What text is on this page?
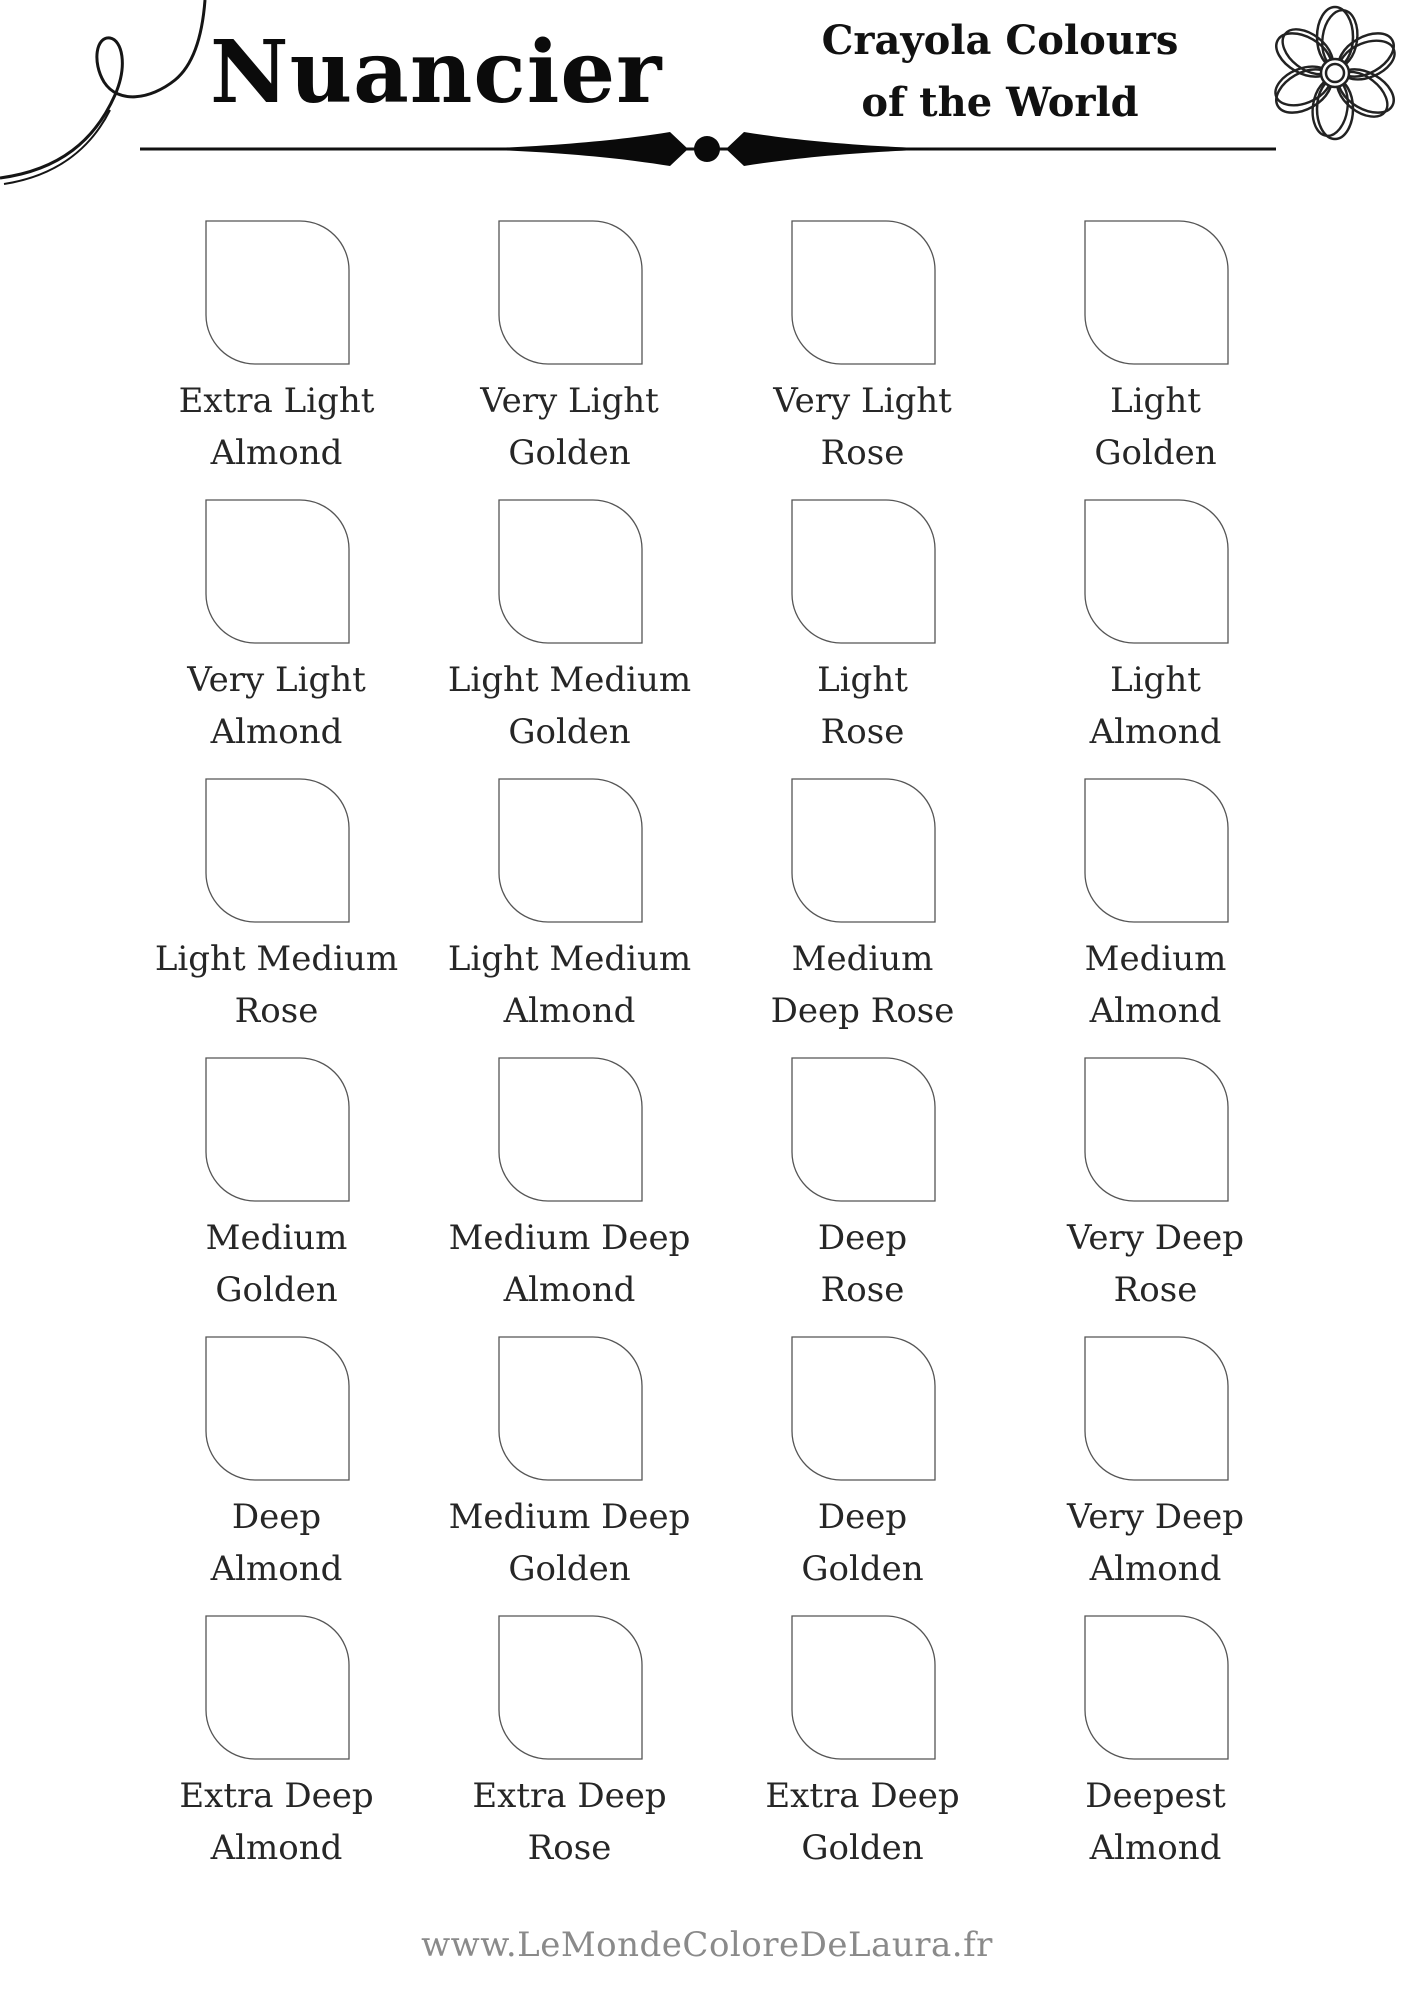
Nuancier	Crayola Colours
of the World
Extra Light
Almond
Very Light
Golden
Very Light
Rose
Light
Golden
Very Light
Almond
Light Medium
Golden
Light
Rose
Light
Almond
Light Medium
Rose
Light Medium
Almond
Medium
Deep Rose
Medium
Almond
Medium
Golden
Medium Deep
Almond
Deep
Rose
Very Deep
Rose
Deep
Almond
Medium Deep
Golden
Deep
Golden
Very Deep
Almond
Extra Deep
Almond
Extra Deep
Rose
Extra Deep
Golden
Deepest
Almond
www.LeMondeColoreDeLaura.fr
